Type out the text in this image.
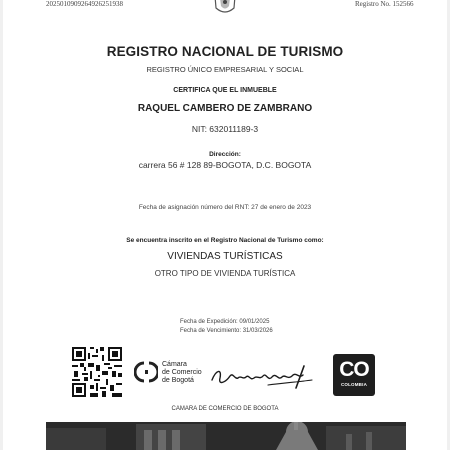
20250109092649262519​38	Registro No. 152566
REGISTRO NACIONAL DE TURISMO
REGISTRO ÚNICO EMPRESARIAL Y SOCIAL
CERTIFICA QUE EL INMUEBLE
RAQUEL CAMBERO DE ZAMBRANO
NIT: 632011189-3
Dirección:
carrera 56 # 128 89-BOGOTA, D.C. BOGOTA
Fecha de asignación número del RNT: 27 de enero de 2023
Se encuentra inscrito en el Registro Nacional de Turismo como:
VIVIENDAS TURÍSTICAS
OTRO TIPO DE VIVIENDA TURÍSTICA
Fecha de Expedición: 09/01/2025
Fecha de Vencimiento: 31/03/2026
Cámara
de Comercio
de Bogotá	CO
COLOMBIA
CAMARA DE COMERCIO DE BOGOTA
